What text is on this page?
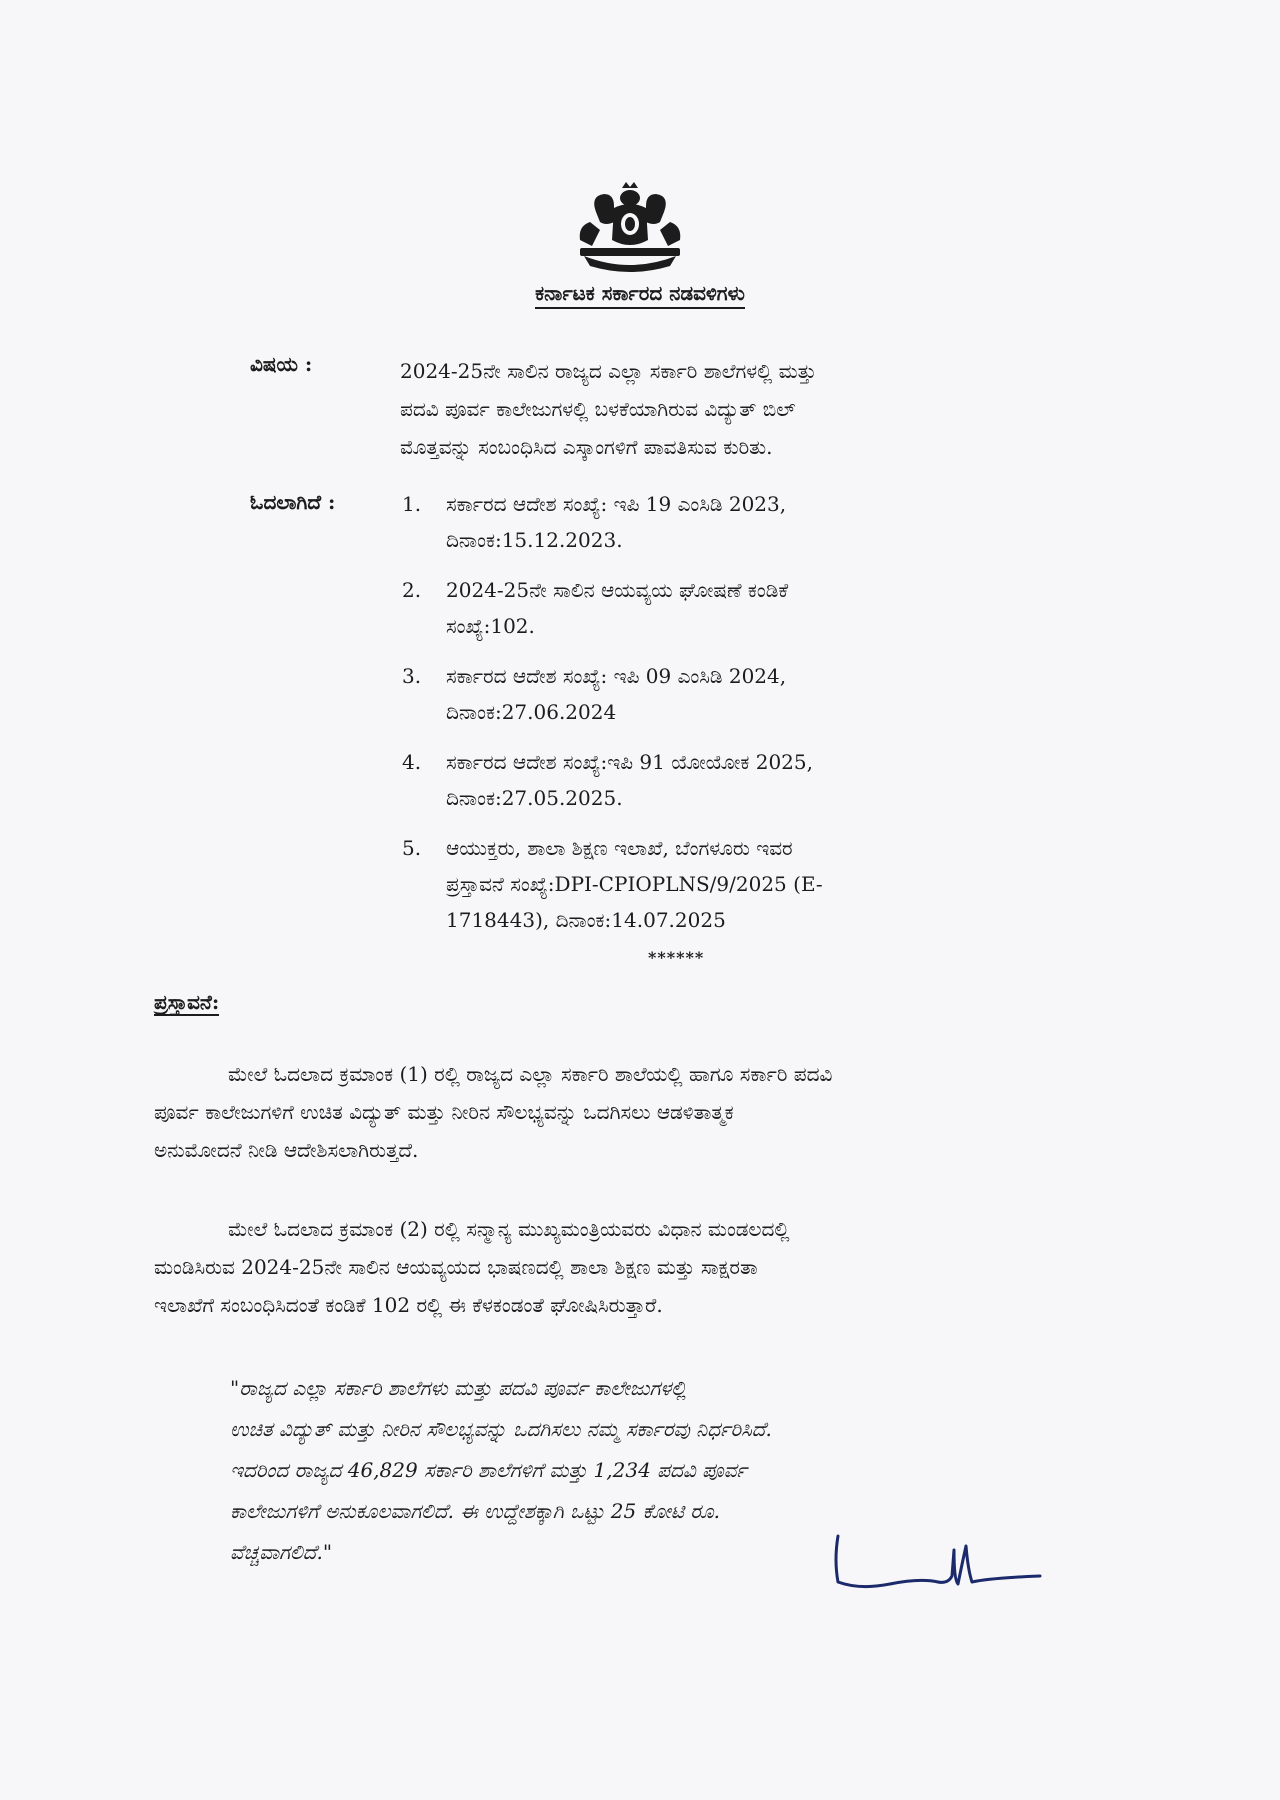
ಕರ್ನಾಟಕ ಸರ್ಕಾರದ ನಡವಳಿಗಳು
ವಿಷಯ :	2024-25ನೇ ಸಾಲಿನ ರಾಜ್ಯದ ಎಲ್ಲಾ ಸರ್ಕಾರಿ ಶಾಲೆಗಳಲ್ಲಿ ಮತ್ತು
ಪದವಿ ಪೂರ್ವ ಕಾಲೇಜುಗಳಲ್ಲಿ ಬಳಕೆಯಾಗಿರುವ ವಿದ್ಯುತ್ ಬಿಲ್
ಮೊತ್ತವನ್ನು ಸಂಬಂಧಿಸಿದ ಎಸ್ಕಾಂಗಳಿಗೆ ಪಾವತಿಸುವ ಕುರಿತು.
ಓದಲಾಗಿದೆ :	1.	ಸರ್ಕಾರದ ಆದೇಶ ಸಂಖ್ಯೆ: ಇಪಿ 19 ಎಂಸಿಡಿ 2023,
ದಿನಾಂಕ:15.12.2023.
2.	2024-25ನೇ ಸಾಲಿನ ಆಯವ್ಯಯ ಘೋಷಣೆ ಕಂಡಿಕೆ
ಸಂಖ್ಯೆ:102.
3.	ಸರ್ಕಾರದ ಆದೇಶ ಸಂಖ್ಯೆ: ಇಪಿ 09 ಎಂಸಿಡಿ 2024,
ದಿನಾಂಕ:27.06.2024
4.	ಸರ್ಕಾರದ ಆದೇಶ ಸಂಖ್ಯೆ:ಇಪಿ 91 ಯೋಯೋಕ 2025,
ದಿನಾಂಕ:27.05.2025.
5.	ಆಯುಕ್ತರು, ಶಾಲಾ ಶಿಕ್ಷಣ ಇಲಾಖೆ, ಬೆಂಗಳೂರು ಇವರ
ಪ್ರಸ್ತಾವನೆ ಸಂಖ್ಯೆ:DPI-CPIOPLNS/9/2025 (E-
1718443), ದಿನಾಂಕ:14.07.2025
******
ಪ್ರಸ್ತಾವನೆ:
ಮೇಲೆ ಓದಲಾದ ಕ್ರಮಾಂಕ (1) ರಲ್ಲಿ ರಾಜ್ಯದ ಎಲ್ಲಾ ಸರ್ಕಾರಿ ಶಾಲೆಯಲ್ಲಿ ಹಾಗೂ ಸರ್ಕಾರಿ ಪದವಿ
ಪೂರ್ವ ಕಾಲೇಜುಗಳಿಗೆ ಉಚಿತ ವಿದ್ಯುತ್ ಮತ್ತು ನೀರಿನ ಸೌಲಭ್ಯವನ್ನು ಒದಗಿಸಲು ಆಡಳಿತಾತ್ಮಕ
ಅನುಮೋದನೆ ನೀಡಿ ಆದೇಶಿಸಲಾಗಿರುತ್ತದೆ.
ಮೇಲೆ ಓದಲಾದ ಕ್ರಮಾಂಕ (2) ರಲ್ಲಿ ಸನ್ಮಾನ್ಯ ಮುಖ್ಯಮಂತ್ರಿಯವರು ವಿಧಾನ ಮಂಡಲದಲ್ಲಿ
ಮಂಡಿಸಿರುವ 2024-25ನೇ ಸಾಲಿನ ಆಯವ್ಯಯದ ಭಾಷಣದಲ್ಲಿ ಶಾಲಾ ಶಿಕ್ಷಣ ಮತ್ತು ಸಾಕ್ಷರತಾ
ಇಲಾಖೆಗೆ ಸಂಬಂಧಿಸಿದಂತೆ ಕಂಡಿಕೆ 102 ರಲ್ಲಿ ಈ ಕೆಳಕಂಡಂತೆ ಘೋಷಿಸಿರುತ್ತಾರೆ.
"ರಾಜ್ಯದ ಎಲ್ಲಾ ಸರ್ಕಾರಿ ಶಾಲೆಗಳು ಮತ್ತು ಪದವಿ ಪೂರ್ವ ಕಾಲೇಜುಗಳಲ್ಲಿ
ಉಚಿತ ವಿದ್ಯುತ್ ಮತ್ತು ನೀರಿನ ಸೌಲಭ್ಯವನ್ನು ಒದಗಿಸಲು ನಮ್ಮ ಸರ್ಕಾರವು ನಿರ್ಧರಿಸಿದೆ.
ಇದರಿಂದ ರಾಜ್ಯದ 46,829 ಸರ್ಕಾರಿ ಶಾಲೆಗಳಿಗೆ ಮತ್ತು 1,234 ಪದವಿ ಪೂರ್ವ
ಕಾಲೇಜುಗಳಿಗೆ ಅನುಕೂಲವಾಗಲಿದೆ. ಈ ಉದ್ದೇಶಕ್ಕಾಗಿ ಒಟ್ಟು 25 ಕೋಟಿ ರೂ.
ವೆಚ್ಚವಾಗಲಿದೆ."
